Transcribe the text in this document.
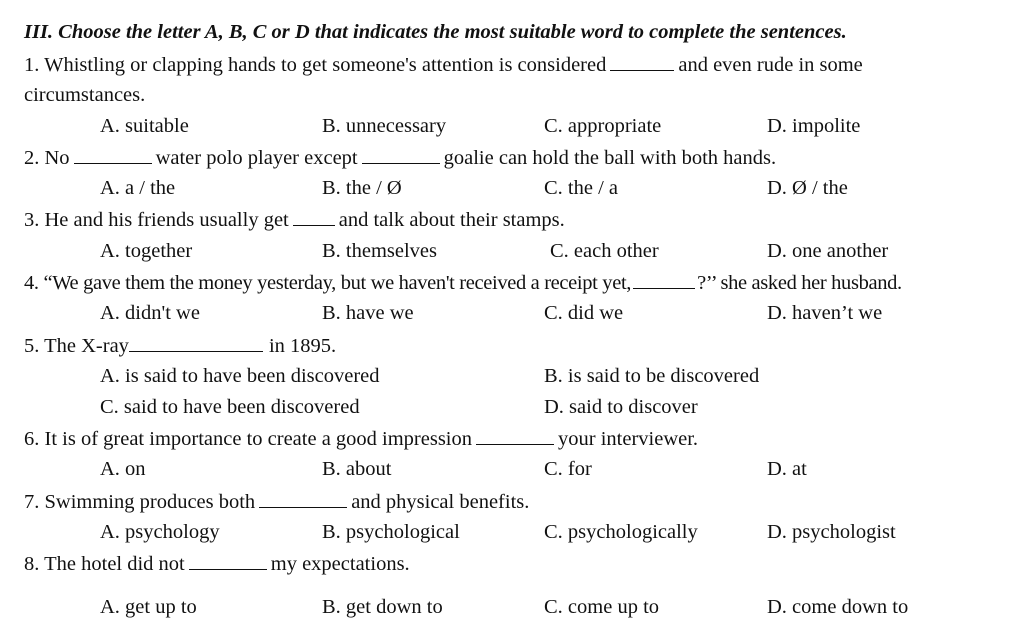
III. Choose the letter A, B, C or D that indicates the most suitable word to complete the sentences.
1. Whistling or clapping hands to get someone's attention is considered	and even rude in some
circumstances.
A. suitable	B. unnecessary	C. appropriate	D. impolite
2. No	water polo player except	goalie can hold the ball with both hands.
A. a / the	B. the / Ø	C. the / a	D. Ø / the
3. He and his friends usually get and talk about their stamps.
A. together	B. themselves	C. each other	D. one another
4. “We gave them the money yesterday, but we haven't received a receipt yet,	?’’ she asked her husband.
A. didn't we	B. have we	C. did we	D. haven’t we
5. The X-ray	in 1895.
A. is said to have been discovered	B. is said to be discovered
C. said to have been discovered	D. said to discover
6. It is of great importance to create a good impression	your interviewer.
A. on	B. about	C. for	D. at
7. Swimming produces both	and physical benefits.
A. psychology	B. psychological	C. psychologically	D. psychologist
8. The hotel did not	my expectations.
A. get up to	B. get down to	C. come up to	D. come down to
